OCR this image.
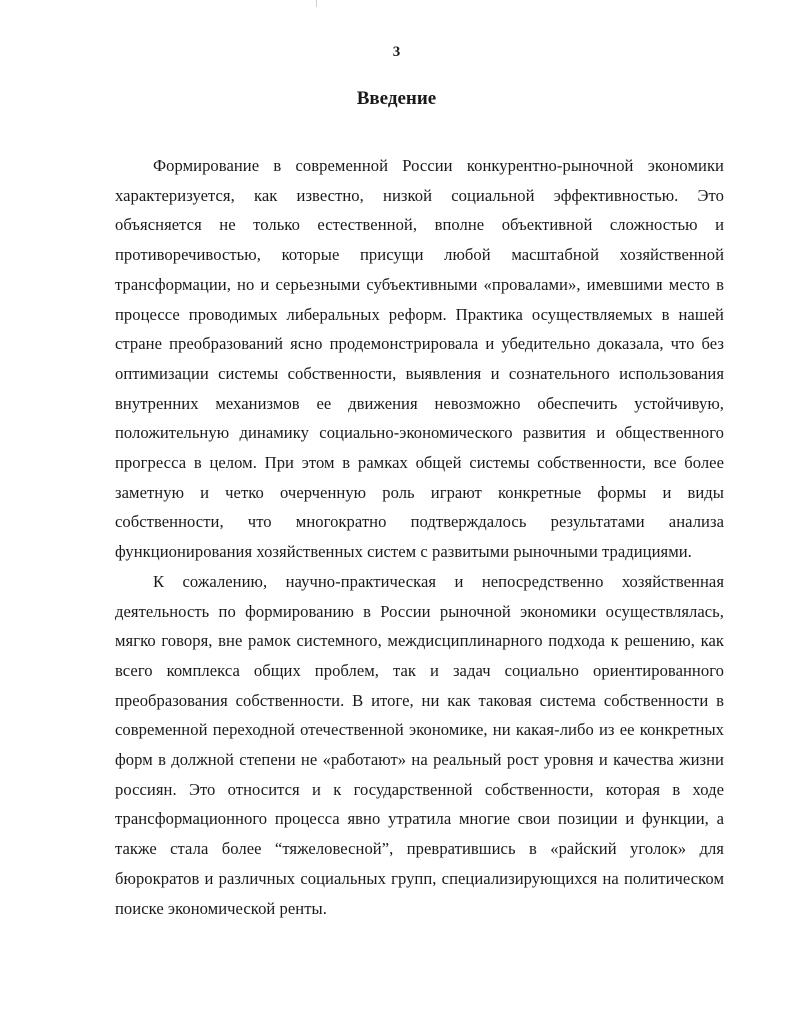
3
Введение

Формирование в современной России конкурентно-рыночной экономики характеризуется, как известно, низкой социальной эффективностью. Это объясняется не только естественной, вполне объективной сложностью и противоречивостью, которые присущи любой масштабной хозяйственной трансформации, но и серьезными субъективными «провалами», имевшими место в процессе проводимых либеральных реформ. Практика осуществляемых в нашей стране преобразований ясно продемонстрировала и убедительно доказала, что без оптимизации системы собственности, выявления и сознательного использования внутренних механизмов ее движения невозможно обеспечить устойчивую, положительную динамику социально-экономического развития и общественного прогресса в целом. При этом в рамках общей системы собственности, все более заметную и четко очерченную роль играют конкретные формы и виды собственности, что многократно подтверждалось результатами анализа функционирования хозяйственных систем с развитыми рыночными традициями.

К сожалению, научно-практическая и непосредственно хозяйственная деятельность по формированию в России рыночной экономики осуществлялась, мягко говоря, вне рамок системного, междисциплинарного подхода к решению, как всего комплекса общих проблем, так и задач социально ориентированного преобразования собственности. В итоге, ни как таковая система собственности в современной переходной отечественной экономике, ни какая-либо из ее конкретных форм в должной степени не «работают» на реальный рост уровня и качества жизни россиян. Это относится и к государственной собственности, которая в ходе трансформационного процесса явно утратила многие свои позиции и функции, а также стала более “тяжеловесной”, превратившись в «райский уголок» для бюрократов и различных социальных групп, специализирующихся на политическом поиске экономической ренты.
